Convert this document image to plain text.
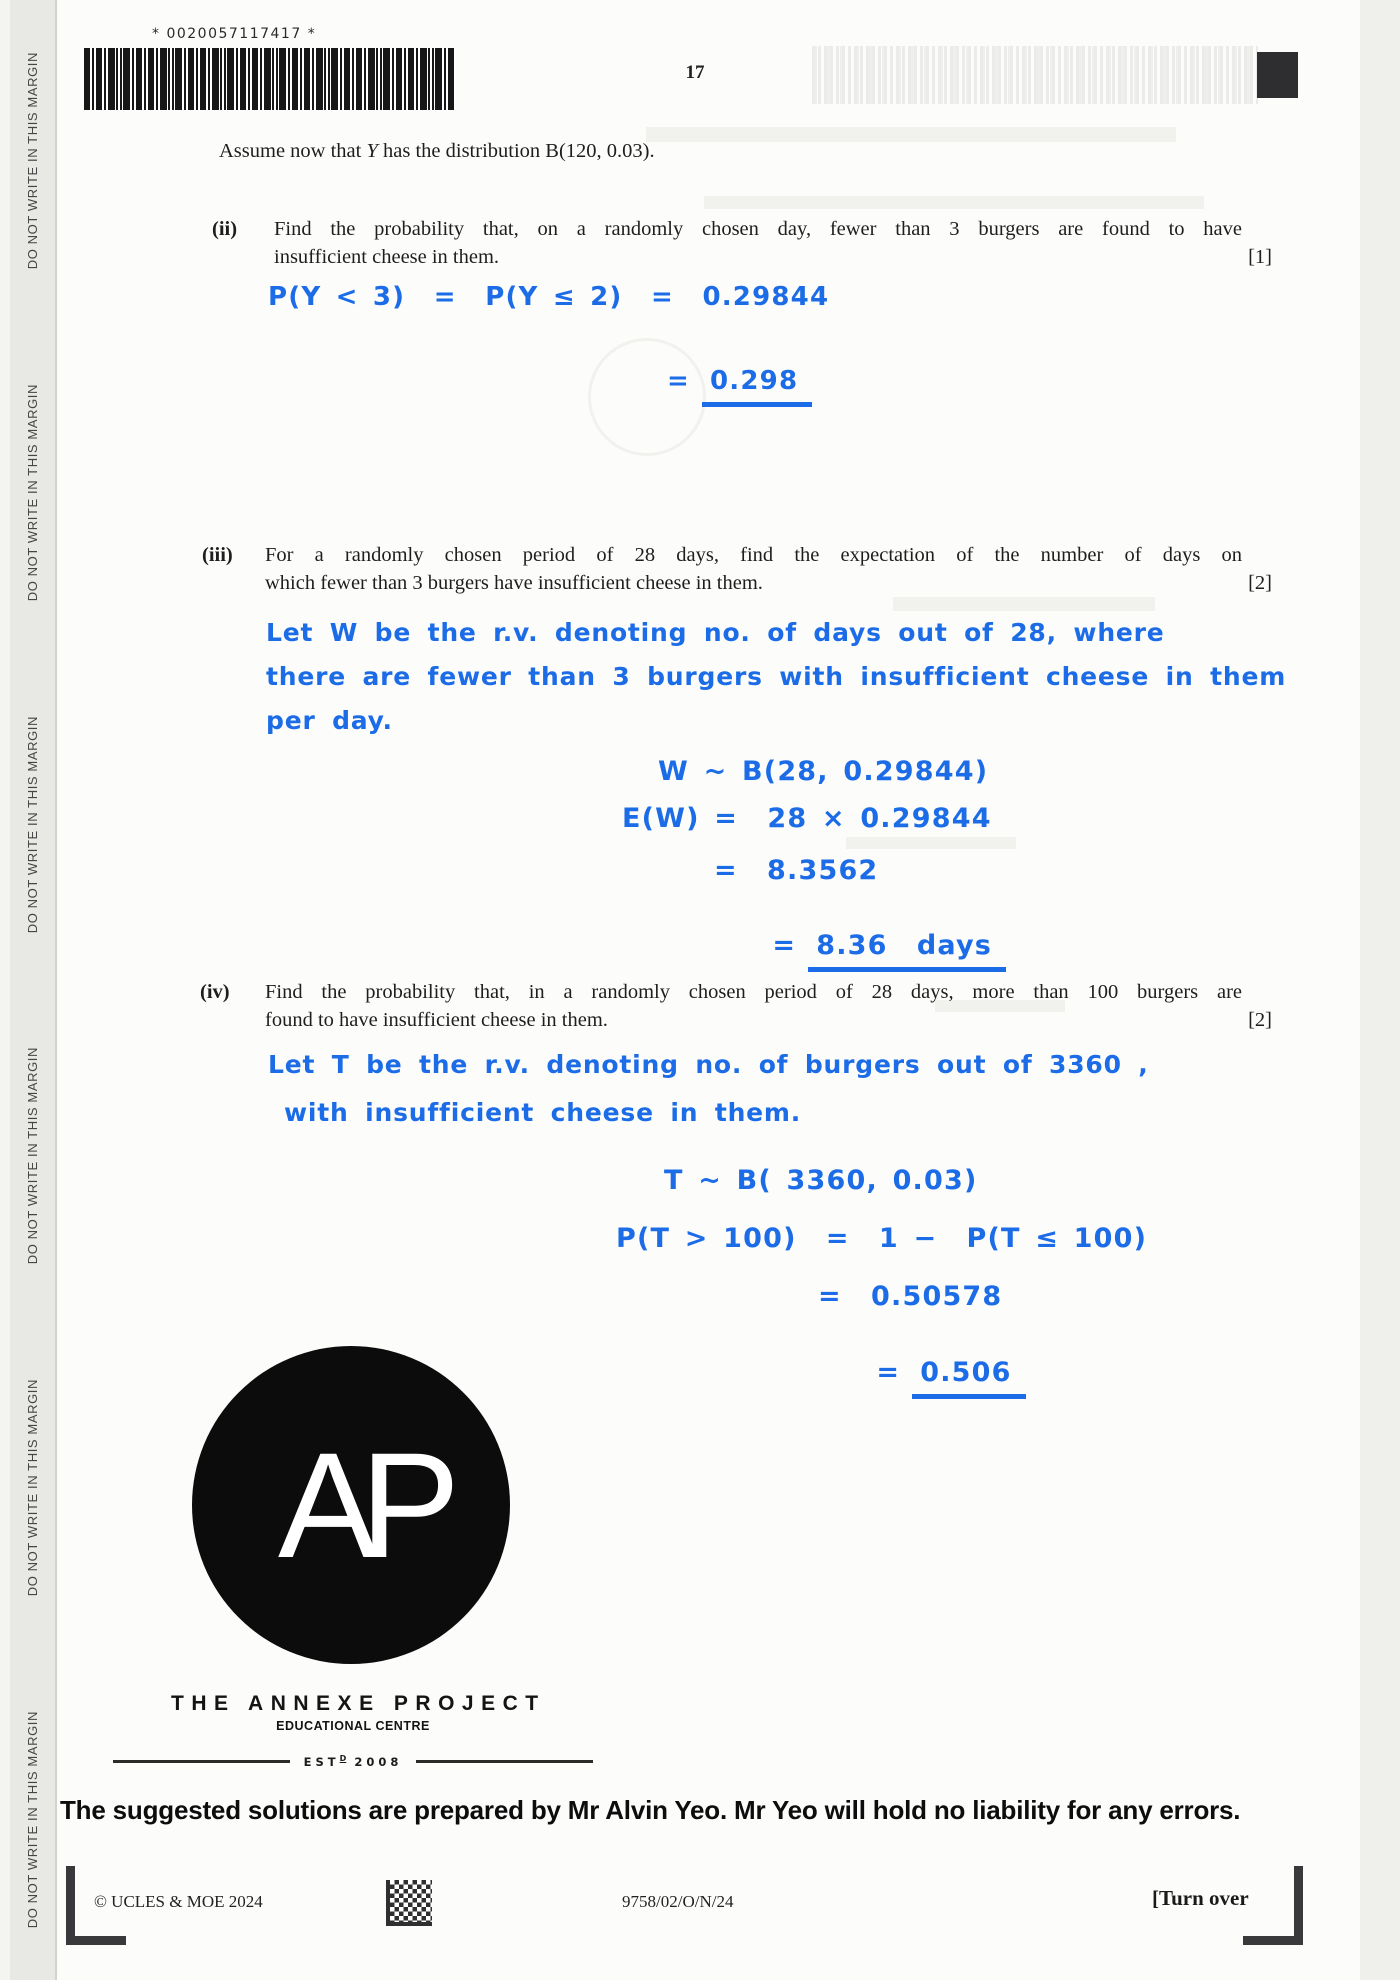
DO NOT WRITE IN THIS MARGIN
DO NOT WRITE IN THIS MARGIN
DO NOT WRITE IN THIS MARGIN
DO NOT WRITE IN THIS MARGIN
DO NOT WRITE IN THIS MARGIN
DO NOT WRITE IN THIS MARGIN
* 0020057117417 *
17
Assume now that Y has the distribution B(120, 0.03).
(ii) Find the probability that, on a randomly chosen day, fewer than 3 burgers are found to have
insufficient cheese in them.	[1]
P(Y < 3)  =  P(Y ≤ 2)  =  0.29844

= 0.298

(iii) For a randomly chosen period of 28 days, find the expectation of the number of days on
which fewer than 3 burgers have insufficient cheese in them.	[2]
Let W be the r.v. denoting no. of days out of 28, where
there are fewer than 3 burgers with insufficient cheese in them
per day.
W ~ B(28, 0.29844)
E(W) =  28 × 0.29844
=  8.3562

= 8.36  days

(iv) Find the probability that, in a randomly chosen period of 28 days, more than 100 burgers are
found to have insufficient cheese in them.	[2]
Let T be the r.v. denoting no. of burgers out of 3360 ,
with insufficient cheese in them.
T ~ B( 3360, 0.03)
P(T > 100)  =  1 −  P(T ≤ 100)
=  0.50578

= 0.506

AP
THE ANNEXE PROJECT
EDUCATIONAL CENTRE
$EST^D$ 2008
The suggested solutions are prepared by Mr Alvin Yeo. Mr Yeo will hold no liability for any errors.
© UCLES & MOE 2024	9758/02/O/N/24	[Turn over
